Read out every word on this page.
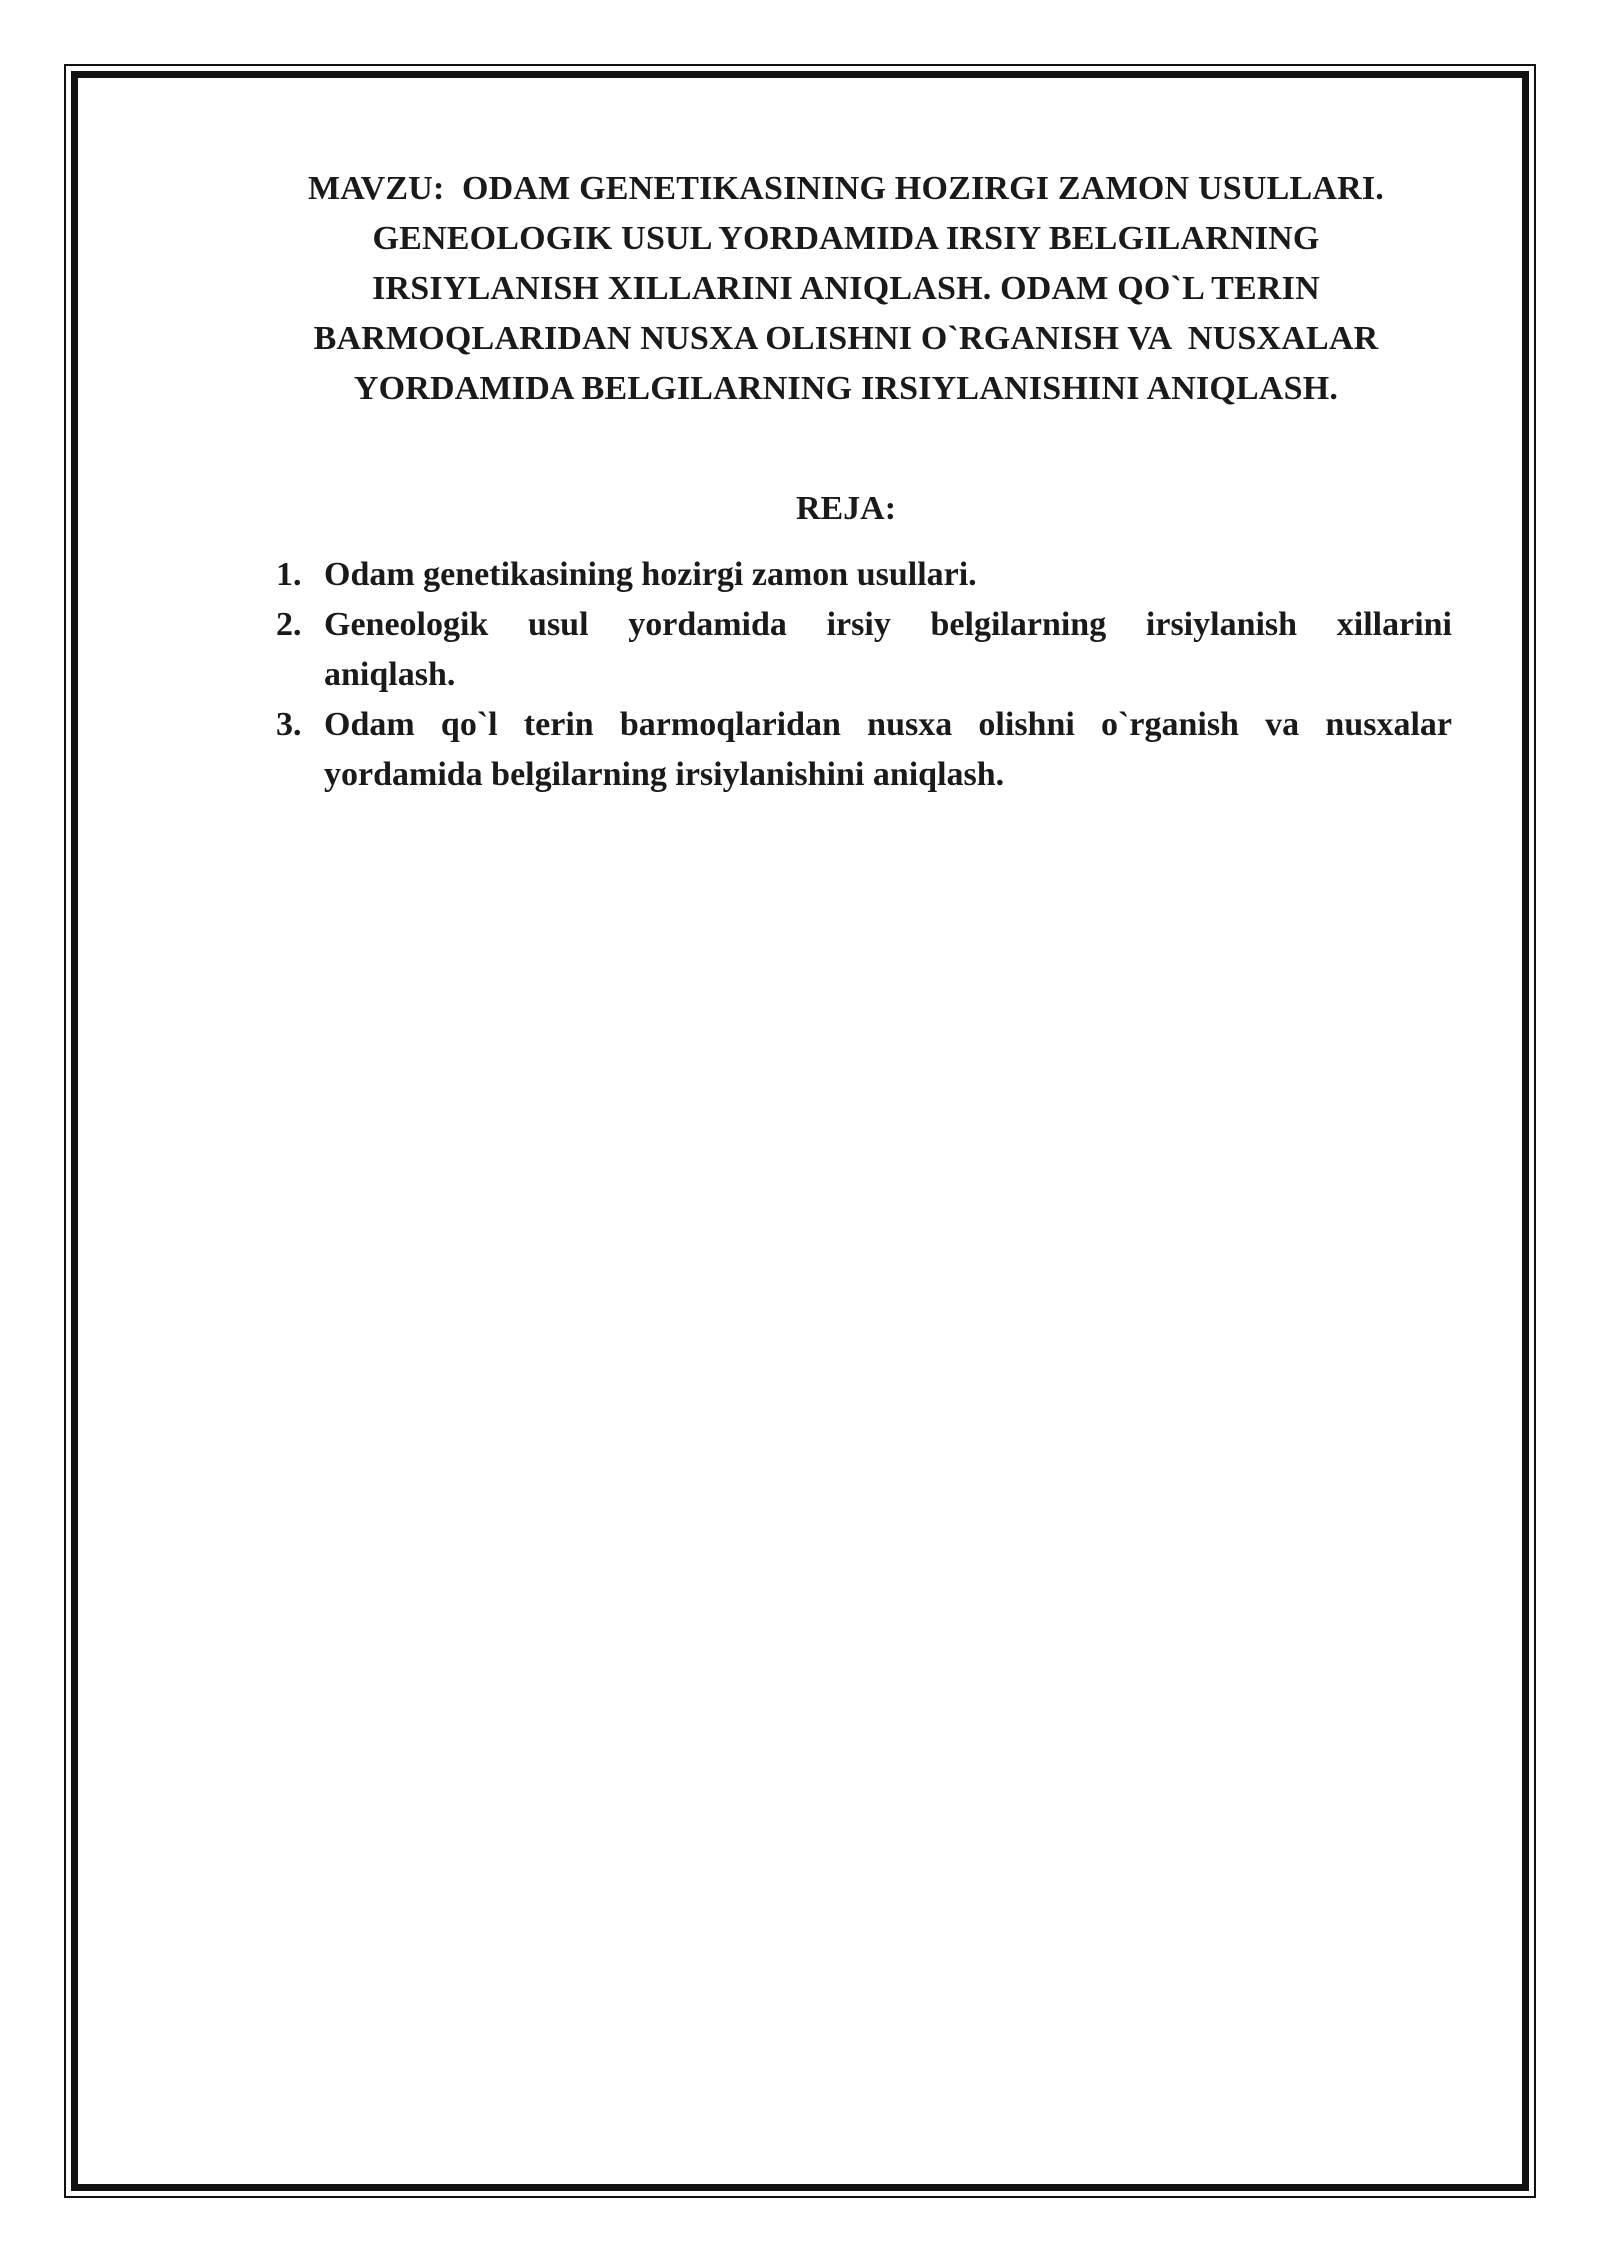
MAVZU:  ODAM GENETIKASINING HOZIRGI ZAMON USULLARI.
GENEOLOGIK USUL YORDAMIDA IRSIY BELGILARNING
IRSIYLANISH XILLARINI ANIQLASH. ODAM QO`L TERIN
BARMOQLARIDAN NUSXA OLISHNI O`RGANISH VA  NUSXALAR
YORDAMIDA BELGILARNING IRSIYLANISHINI ANIQLASH.
REJA:
1. Odam genetikasining hozirgi zamon usullari.
2. Geneologik usul yordamida irsiy belgilarning irsiylanish xillarini
aniqlash.
3. Odam qo`l terin barmoqlaridan nusxa olishni o`rganish va nusxalar
yordamida belgilarning irsiylanishini aniqlash.
